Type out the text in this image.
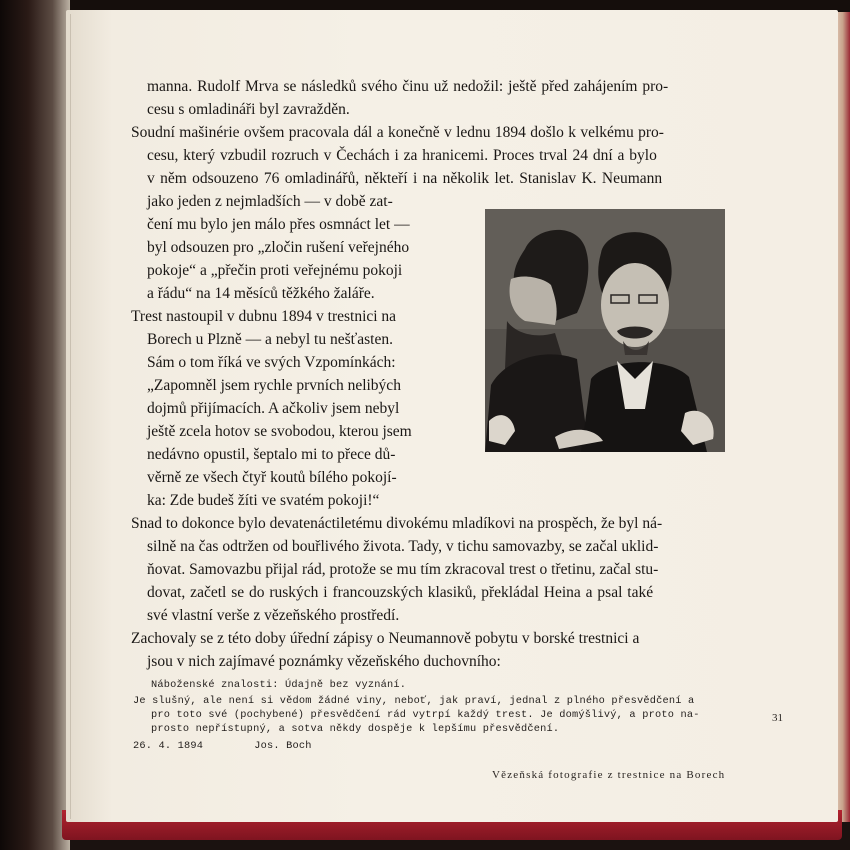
manna. Rudolf Mrva se následků svého činu už nedožil: ještě před zahájením pro-
cesu s omladináři byl zavražděn.
Soudní mašinérie ovšem pracovala dál a konečně v lednu 1894 došlo k velkému pro-
cesu, který vzbudil rozruch v Čechách i za hranicemi. Proces trval 24 dní a bylo
v něm odsouzeno 76 omladinářů, někteří i na několik let. Stanislav K. Neumann
jako jeden z nejmladších — v době zat-
čení mu bylo jen málo přes osmnáct let —
byl odsouzen pro „zločin rušení veřejného
pokoje“ a „přečin proti veřejnému pokoji
a řádu“ na 14 měsíců těžkého žaláře.
Trest nastoupil v dubnu 1894 v trestnici na
Borech u Plzně — a nebyl tu nešťasten.
Sám o tom říká ve svých Vzpomínkách:
„Zapomněl jsem rychle prvních nelibých
dojmů přijímacích. A ačkoliv jsem nebyl
ještě zcela hotov se svobodou, kterou jsem
nedávno opustil, šeptalo mi to přece dů-
věrně ze všech čtyř koutů bílého pokojí-
ka: Zde budeš žíti ve svatém pokoji!“
Snad to dokonce bylo devatenáctiletému divokému mladíkovi na prospěch, že byl ná-
silně na čas odtržen od bouřlivého života. Tady, v tichu samovazby, se začal uklid-
ňovat. Samovazbu přijal rád, protože se mu tím zkracoval trest o třetinu, začal stu-
dovat, začetl se do ruských i francouzských klasiků, překládal Heina a psal také
své vlastní verše z vězeňského prostředí.
Zachovaly se z této doby úřední zápisy o Neumannově pobytu v borské trestnici a
jsou v nich zajímavé poznámky vězeňského duchovního:
Náboženské znalosti: Údajně bez vyznání.
Je slušný, ale není si vědom žádné viny, neboť, jak praví, jednal z plného přesvědčení a
pro toto své (pochybené) přesvědčení rád vytrpí každý trest. Je domýšlivý, a proto na-
prosto nepřístupný, a sotva někdy dospěje k lepšímu přesvědčení.
26. 4. 1894        Jos. Boch
31
Vězeňská fotografie z trestnice na Borech
